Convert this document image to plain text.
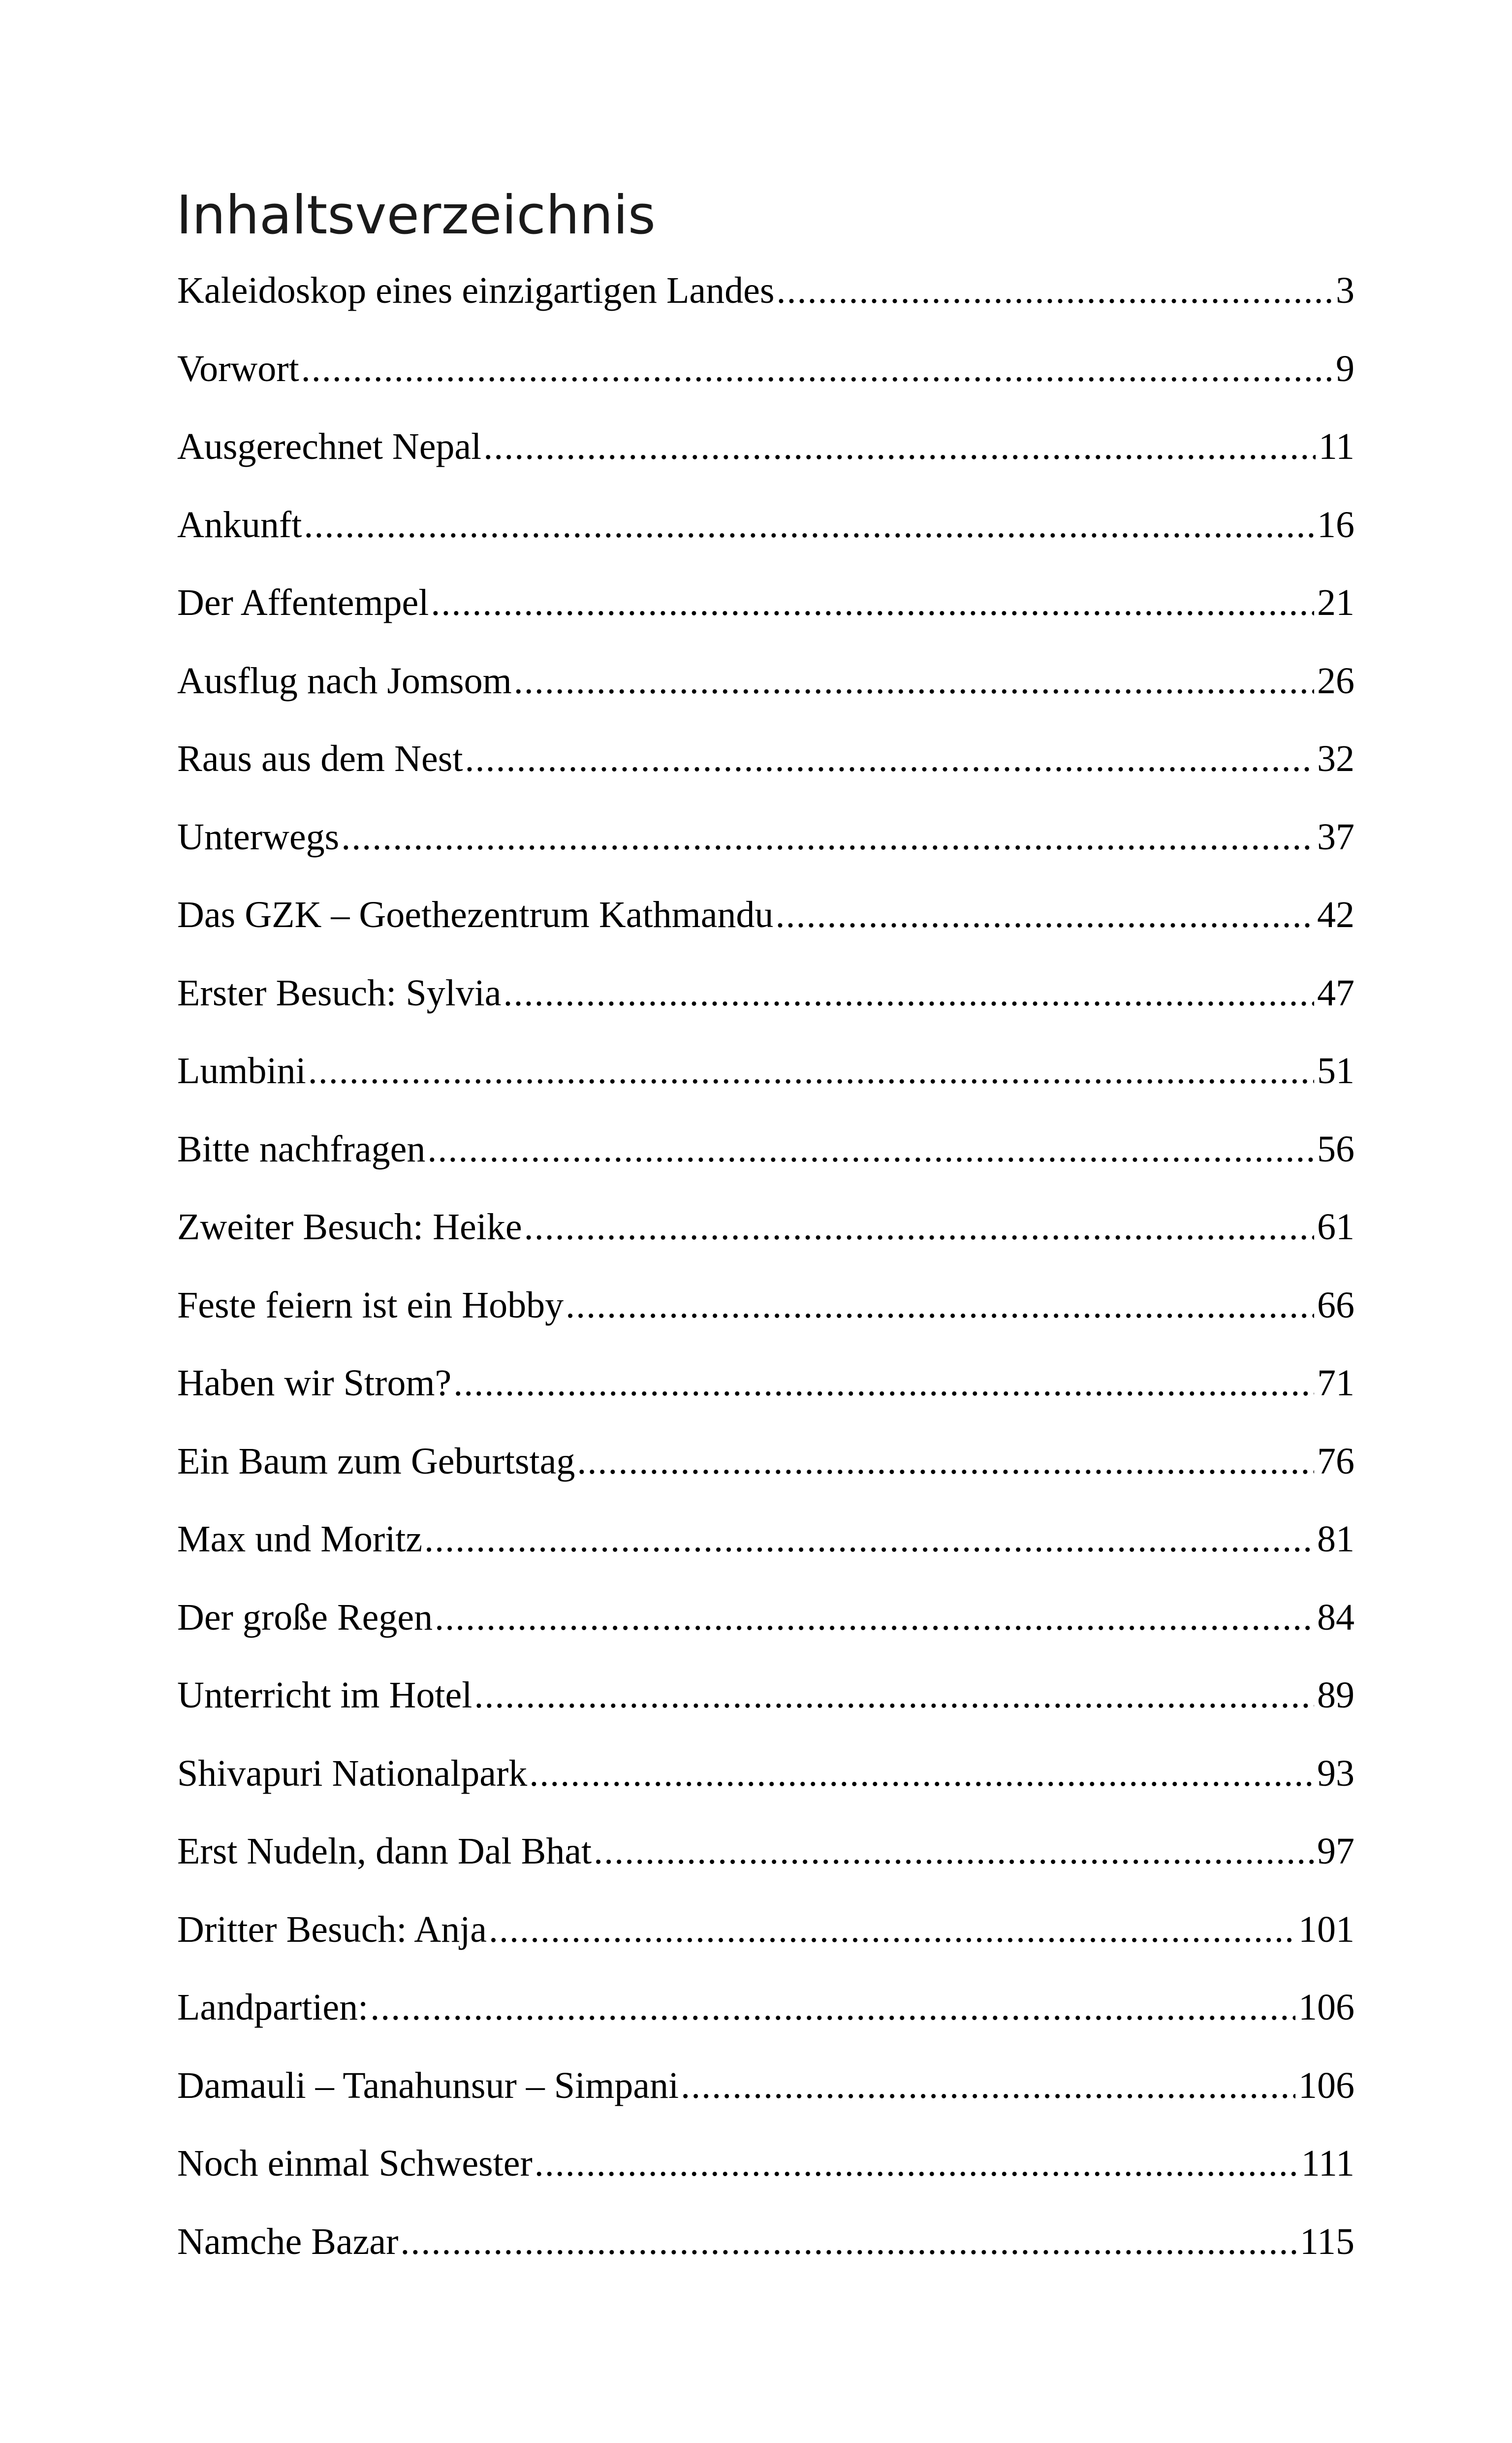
Inhaltsverzeichnis
Kaleidoskop eines einzigartigen Landes .....	3
Vorwort .....	9
Ausgerechnet Nepal .....	11
Ankunft .....	16
Der Affentempel .....	21
Ausflug nach Jomsom .....	26
Raus aus dem Nest .....	32
Unterwegs .....	37
Das GZK – Goethezentrum Kathmandu .....	42
Erster Besuch: Sylvia .....	47
Lumbini .....	51
Bitte nachfragen .....	56
Zweiter Besuch: Heike .....	61
Feste feiern ist ein Hobby .....	66
Haben wir Strom? .....	71
Ein Baum zum Geburtstag .....	76
Max und Moritz .....	81
Der große Regen .....	84
Unterricht im Hotel .....	89
Shivapuri Nationalpark .....	93
Erst Nudeln, dann Dal Bhat .....	97
Dritter Besuch: Anja .....	101
Landpartien: .....	106
Damauli – Tanahunsur – Simpani .....	106
Noch einmal Schwester .....	111
Namche Bazar .....	115
